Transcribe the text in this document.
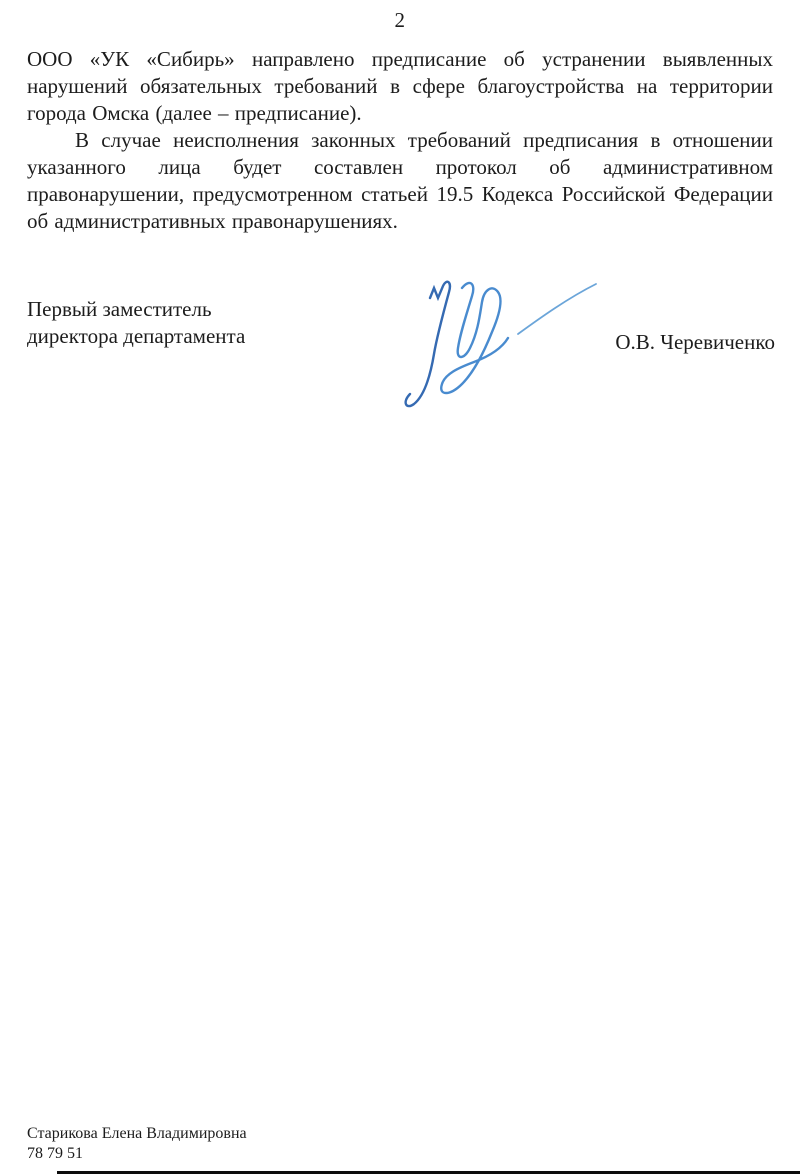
2
ООО «УК «Сибирь» направлено предписание об устранении выявленных
нарушений обязательных требований в сфере благоустройства на территории
города Омска (далее – предписание).
В случае неисполнения законных требований предписания в отношении
указанного лица будет составлен протокол об административном
правонарушении, предусмотренном статьей 19.5 Кодекса Российской Федерации
об административных правонарушениях.
Первый заместитель
директора департамента	О.В. Черевиченко
Старикова Елена Владимировна
78 79 51
